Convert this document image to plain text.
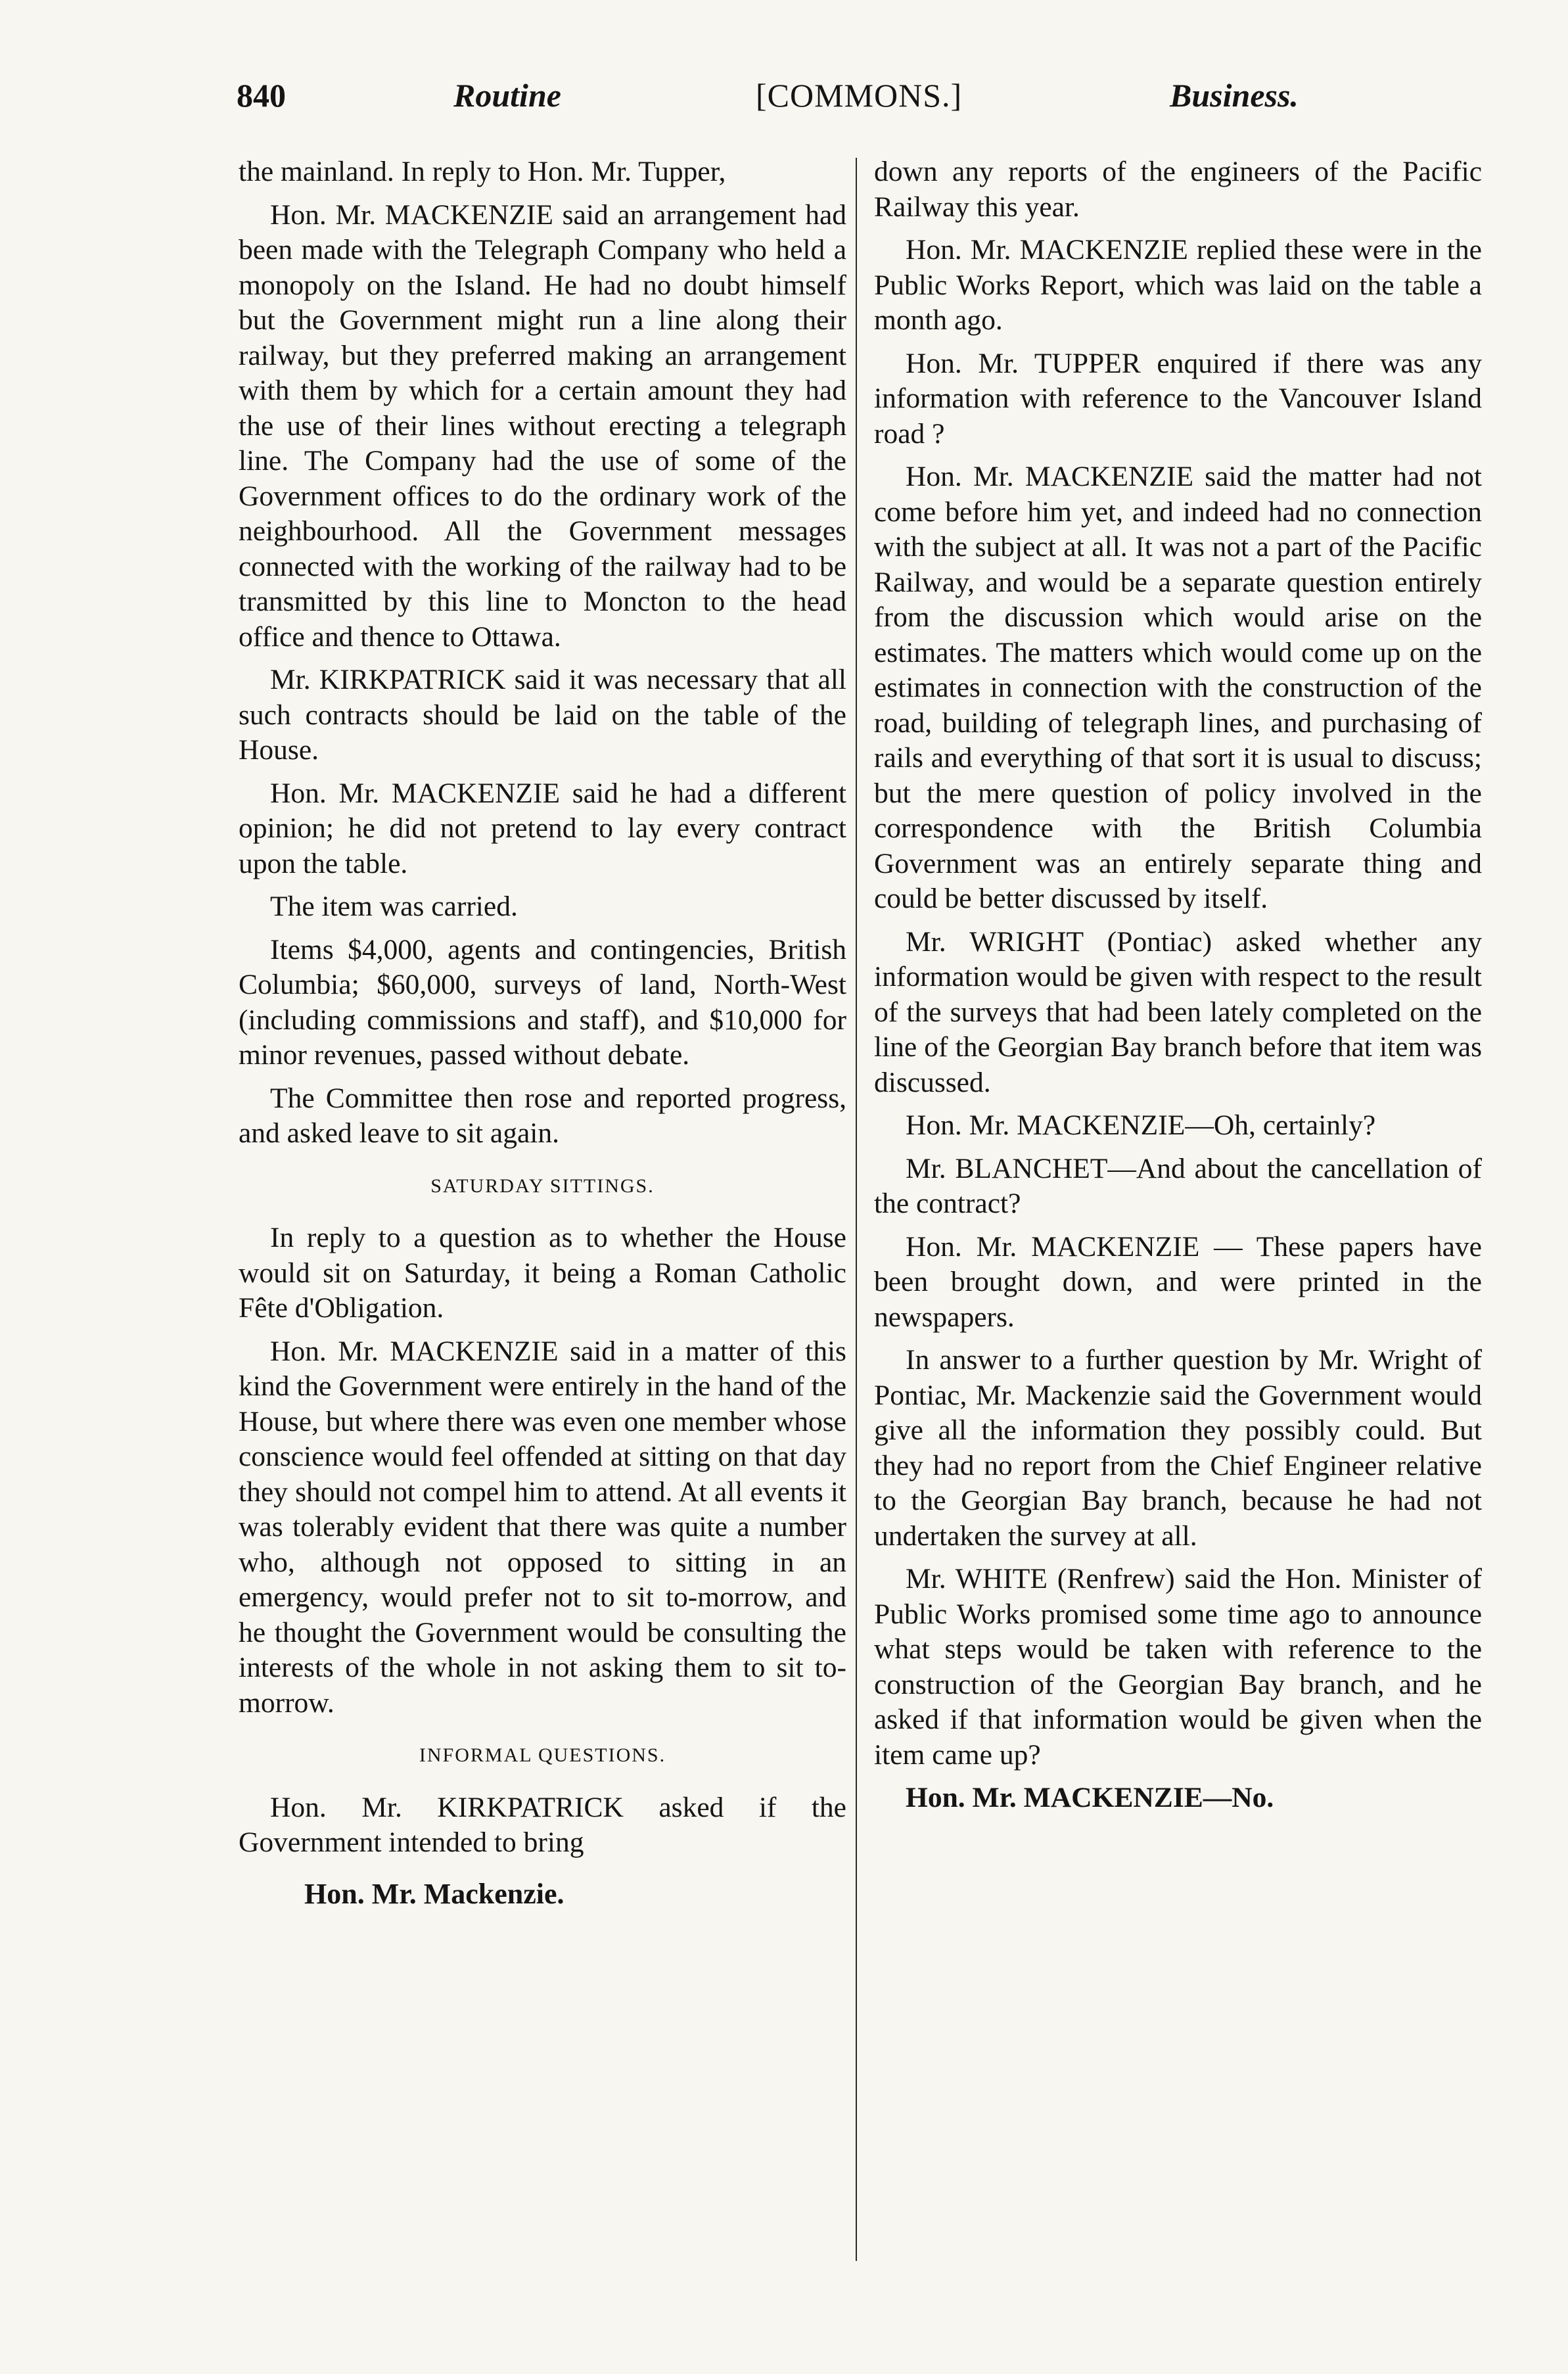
840	Routine	[COMMONS.]	Business.

the mainland. In reply to Hon. Mr. Tupper,

Hon. Mr. MACKENZIE said an arrangement had been made with the Telegraph Company who held a monopoly on the Island. He had no doubt himself but the Government might run a line along their railway, but they preferred making an arrangement with them by which for a certain amount they had the use of their lines without erecting a telegraph line. The Company had the use of some of the Government offices to do the ordinary work of the neighbourhood. All the Government messages connected with the working of the railway had to be transmitted by this line to Moncton to the head office and thence to Ottawa.

Mr. KIRKPATRICK said it was necessary that all such contracts should be laid on the table of the House.

Hon. Mr. MACKENZIE said he had a different opinion; he did not pretend to lay every contract upon the table.

The item was carried.

Items $4,000, agents and contingencies, British Columbia; $60,000, surveys of land, North-West (including commissions and staff), and $10,000 for minor revenues, passed without debate.

The Committee then rose and reported progress, and asked leave to sit again.

SATURDAY SITTINGS.

In reply to a question as to whether the House would sit on Saturday, it being a Roman Catholic Fête d'Obligation.

Hon. Mr. MACKENZIE said in a matter of this kind the Government were entirely in the hand of the House, but where there was even one member whose conscience would feel offended at sitting on that day they should not compel him to attend. At all events it was tolerably evident that there was quite a number who, although not opposed to sitting in an emergency, would prefer not to sit to-morrow, and he thought the Government would be consulting the interests of the whole in not asking them to sit to-morrow.

INFORMAL QUESTIONS.

Hon. Mr. KIRKPATRICK asked if the Government intended to bring

Hon. Mr. Mackenzie.

down any reports of the engineers of the Pacific Railway this year.

Hon. Mr. MACKENZIE replied these were in the Public Works Report, which was laid on the table a month ago.

Hon. Mr. TUPPER enquired if there was any information with reference to the Vancouver Island road ?

Hon. Mr. MACKENZIE said the matter had not come before him yet, and indeed had no connection with the subject at all. It was not a part of the Pacific Railway, and would be a separate question entirely from the discussion which would arise on the estimates. The matters which would come up on the estimates in connection with the construction of the road, building of telegraph lines, and purchasing of rails and everything of that sort it is usual to discuss; but the mere question of policy involved in the correspondence with the British Columbia Government was an entirely separate thing and could be better discussed by itself.

Mr. WRIGHT (Pontiac) asked whether any information would be given with respect to the result of the surveys that had been lately completed on the line of the Georgian Bay branch before that item was discussed.

Hon. Mr. MACKENZIE—Oh, certainly?

Mr. BLANCHET—And about the cancellation of the contract?

Hon. Mr. MACKENZIE — These papers have been brought down, and were printed in the newspapers.

In answer to a further question by Mr. Wright of Pontiac, Mr. Mackenzie said the Government would give all the information they possibly could. But they had no report from the Chief Engineer relative to the Georgian Bay branch, because he had not undertaken the survey at all.

Mr. WHITE (Renfrew) said the Hon. Minister of Public Works promised some time ago to announce what steps would be taken with reference to the construction of the Georgian Bay branch, and he asked if that information would be given when the item came up?

Hon. Mr. MACKENZIE—No.
